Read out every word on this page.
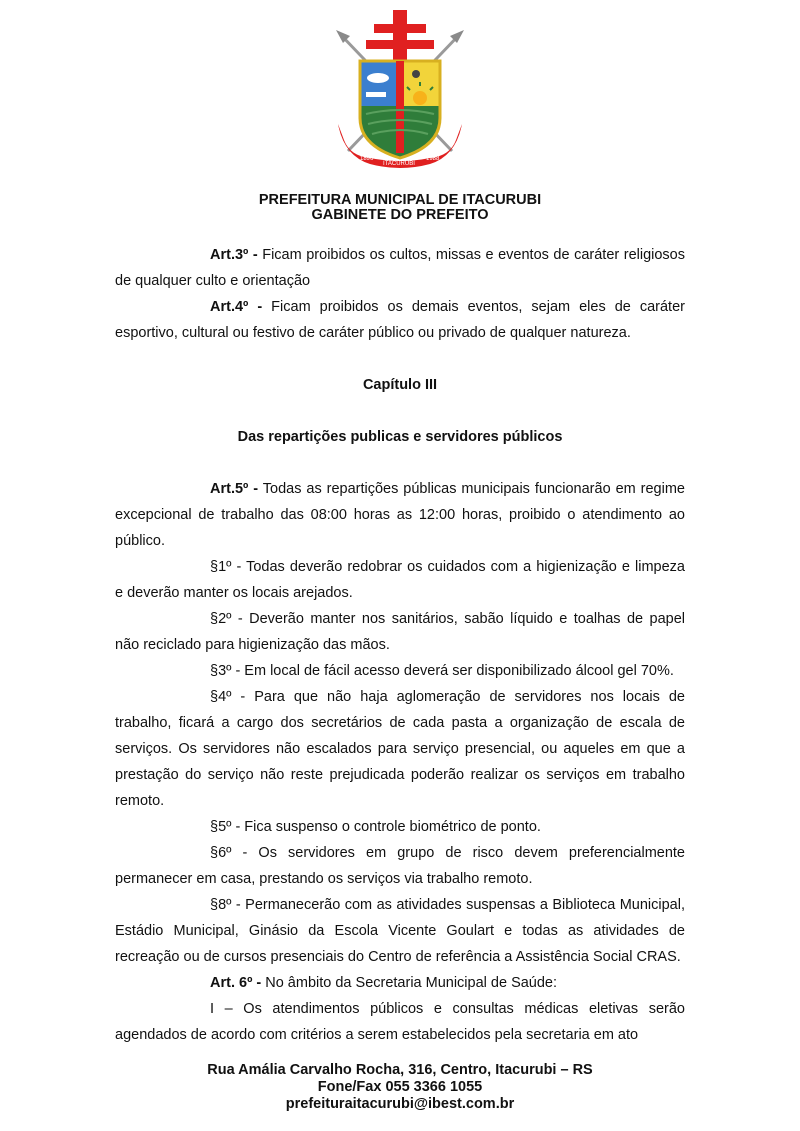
1896
ITACURUBI
1988
PREFEITURA MUNICIPAL DE ITACURUBI
GABINETE DO PREFEITO

Art.3º - Ficam proibidos os cultos, missas e eventos de caráter religiosos de qualquer culto e orientação

Art.4º - Ficam proibidos os demais eventos, sejam eles de caráter esportivo, cultural ou festivo de caráter público ou privado de qualquer natureza.

Capítulo III

Das repartições publicas e servidores públicos

Art.5º - Todas as repartições públicas municipais funcionarão em regime excepcional de trabalho das 08:00 horas as 12:00 horas, proibido o atendimento ao público.

§1º - Todas deverão redobrar os cuidados com a higienização e limpeza e deverão manter os locais arejados.

§2º - Deverão manter nos sanitários, sabão líquido e toalhas de papel não reciclado para higienização das mãos.

§3º - Em local de fácil acesso deverá ser disponibilizado álcool gel 70%.

§4º - Para que não haja aglomeração de servidores nos locais de trabalho, ficará a cargo dos secretários de cada pasta a organização de escala de serviços. Os servidores não escalados para serviço presencial, ou aqueles em que a prestação do serviço não reste prejudicada poderão realizar os serviços em trabalho remoto.

§5º - Fica suspenso o controle biométrico de ponto.

§6º - Os servidores em grupo de risco devem preferencialmente permanecer em casa, prestando os serviços via trabalho remoto.

§8º - Permanecerão com as atividades suspensas a Biblioteca Municipal, Estádio Municipal, Ginásio da Escola Vicente Goulart e todas as atividades de recreação ou de cursos presenciais do Centro de referência a Assistência Social CRAS.

Art. 6º - No âmbito da Secretaria Municipal de Saúde:

I – Os atendimentos públicos e consultas médicas eletivas serão agendados de acordo com critérios a serem estabelecidos pela secretaria em ato

Rua Amália Carvalho Rocha, 316, Centro, Itacurubi – RS
Fone/Fax 055 3366 1055
prefeituraitacurubi@ibest.com.br
